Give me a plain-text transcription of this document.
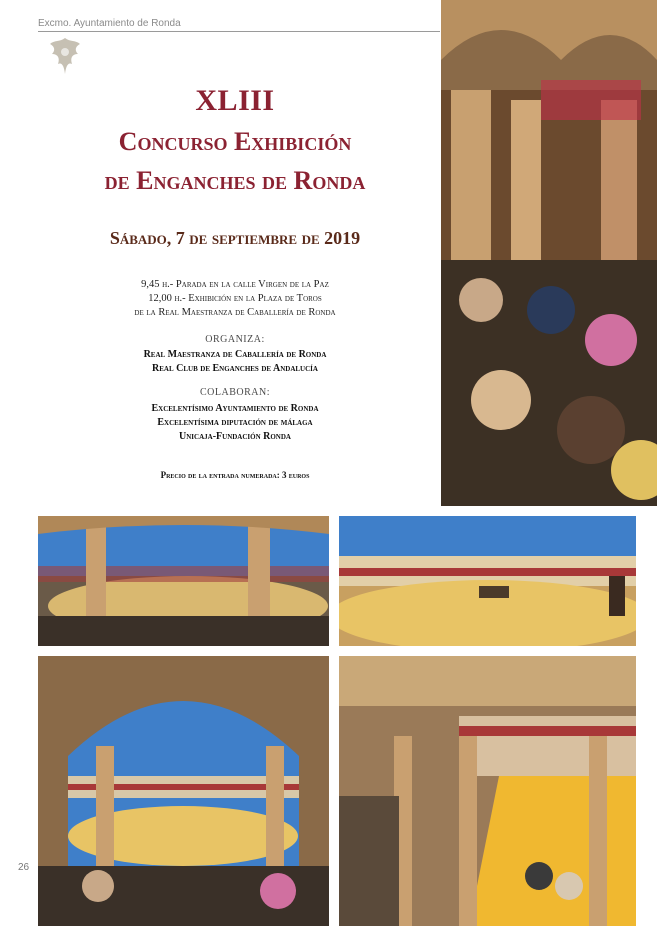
Excmo. Ayuntamiento de Ronda
XLIII
Concurso Exhibición
de Enganches de Ronda
Sábado, 7 de septiembre de 2019
9,45 h.- Parada en la calle Virgen de la Paz
12,00 h.- Exhibición en la Plaza de Toros
de la Real Maestranza de Caballería de Ronda
ORGANIZA:
Real Maestranza de Caballería de Ronda
Real Club de Enganches de Andalucía
COLABORAN:
Excelentísimo Ayuntamiento de Ronda
Excelentísima diputación de málaga
Unicaja-Fundación Ronda
Precio de la entrada numerada: 3 euros
26
